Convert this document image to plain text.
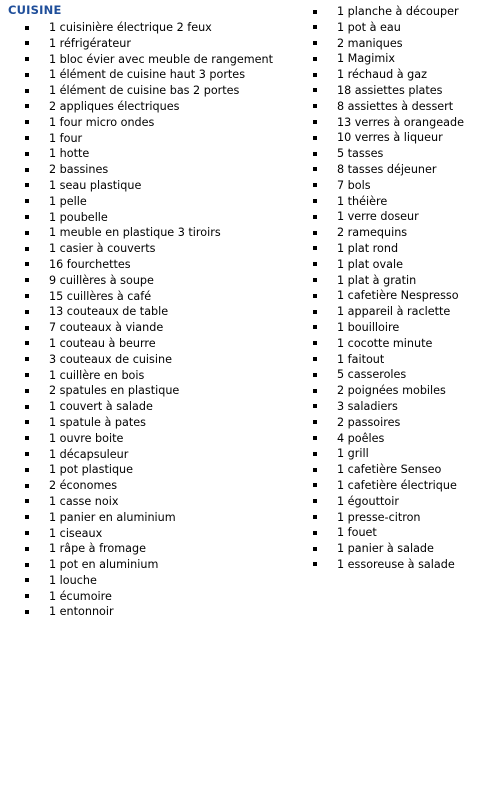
CUISINE
1 cuisinière électrique 2 feux
1 réfrigérateur
1 bloc évier avec meuble de rangement
1 élément de cuisine haut 3 portes
1 élément de cuisine bas 2 portes
2 appliques électriques
1 four micro ondes
1 four
1 hotte
2 bassines
1 seau plastique
1 pelle
1 poubelle
1 meuble en plastique 3 tiroirs
1 casier à couverts
16 fourchettes
9 cuillères à soupe
15 cuillères à café
13 couteaux de table
7 couteaux à viande
1 couteau à beurre
3 couteaux de cuisine
1 cuillère en bois
2 spatules en plastique
1 couvert à salade
1 spatule à pates
1 ouvre boite
1 décapsuleur
1 pot plastique
2 économes
1 casse noix
1 panier en aluminium
1 ciseaux
1 râpe à fromage
1 pot en aluminium
1 louche
1 écumoire
1 entonnoir
1 planche à découper
1 pot à eau
2 maniques
1 Magimix
1 réchaud à gaz
18 assiettes plates
8 assiettes à dessert
13 verres à orangeade
10 verres à liqueur
5 tasses
8 tasses déjeuner
7 bols
1 théière
1 verre doseur
2 ramequins
1 plat rond
1 plat ovale
1 plat à gratin
1 cafetière Nespresso
1 appareil à raclette
1 bouilloire
1 cocotte minute
1 faitout
5 casseroles
2 poignées mobiles
3 saladiers
2 passoires
4 poêles
1 grill
1 cafetière Senseo
1 cafetière électrique
1 égouttoir
1 presse-citron
1 fouet
1 panier à salade
1 essoreuse à salade
